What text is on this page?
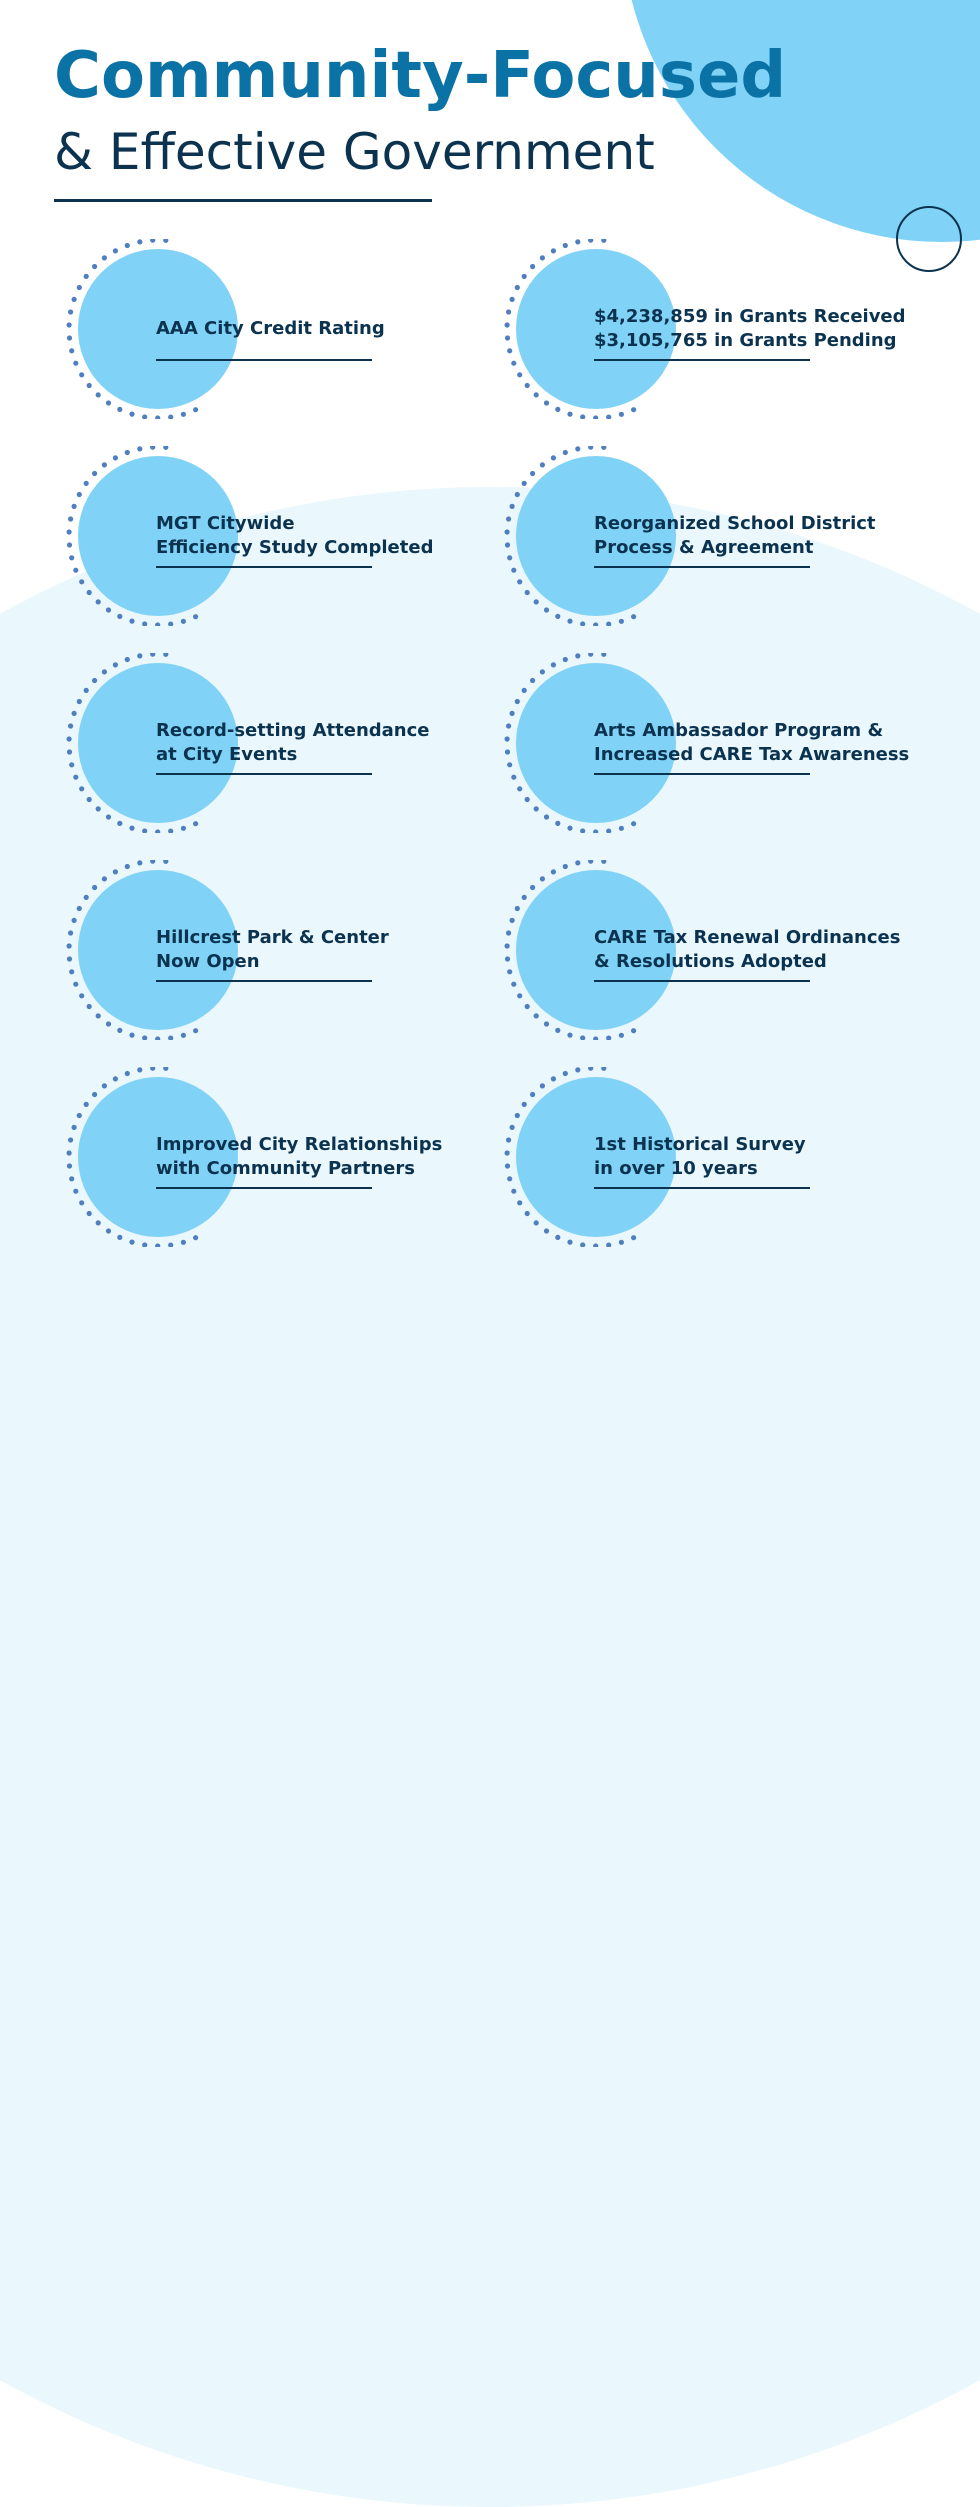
Community-Focused
& Effective Government

AAA City Credit Rating

MGT Citywide
Efficiency Study Completed

Record-setting Attendance
at City Events

Hillcrest Park & Center
Now Open

Improved City Relationships
with Community Partners

$4,238,859 in Grants Received
$3,105,765 in Grants Pending

Reorganized School District
Process & Agreement

Arts Ambassador Program &
Increased CARE Tax Awareness

CARE Tax Renewal Ordinances
& Resolutions Adopted

1st Historical Survey
in over 10 years
